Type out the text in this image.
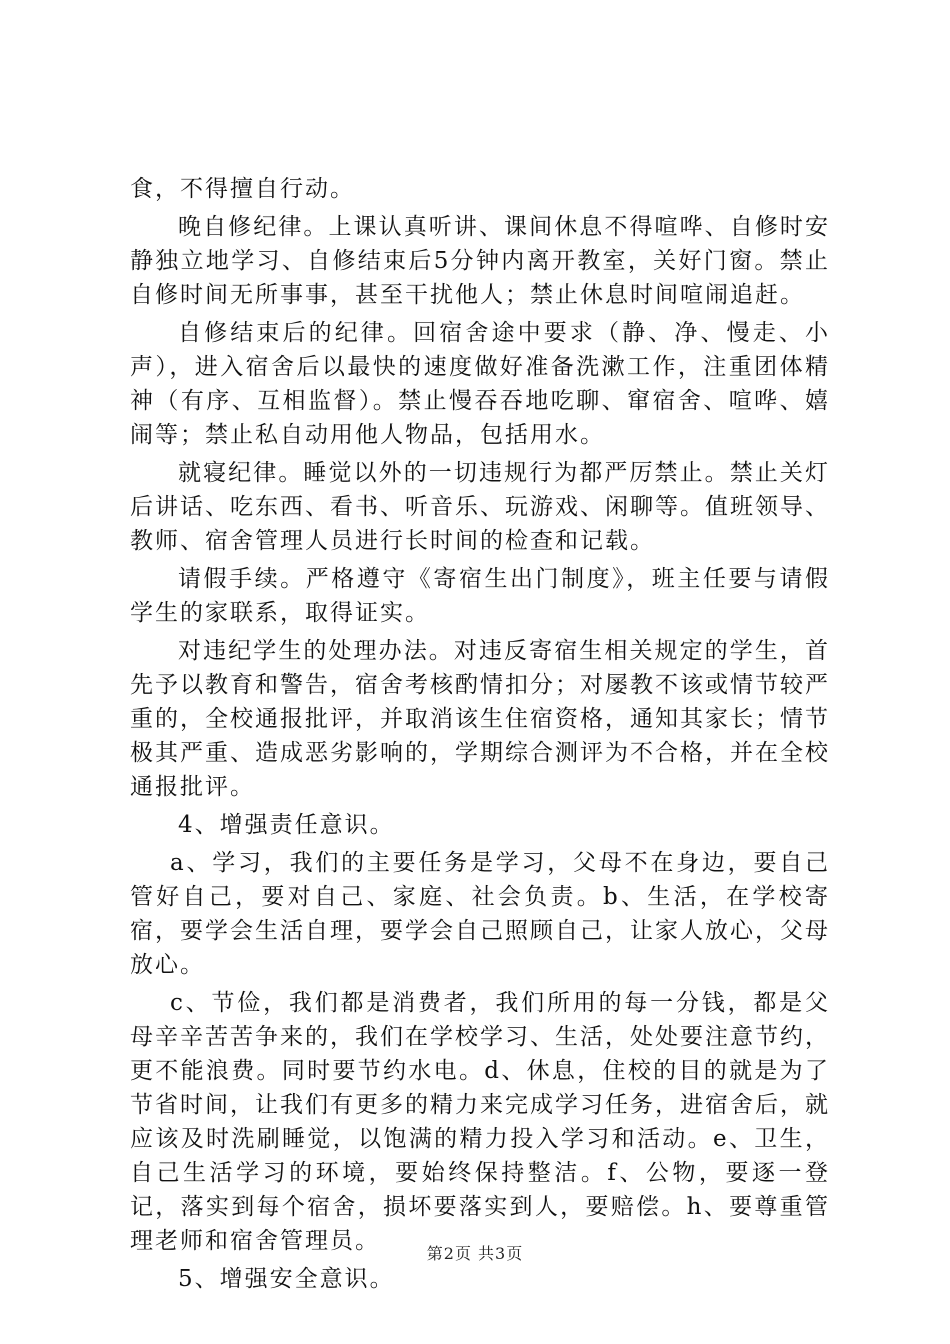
食，不得擅自行动。

晚自修纪律。上课认真听讲、课间休息不得喧哗、自修时安静独立地学习、自修结束后5分钟内离开教室，关好门窗。禁止自修时间无所事事，甚至干扰他人；禁止休息时间喧闹追赶。

自修结束后的纪律。回宿舍途中要求（静、净、慢走、小声），进入宿舍后以最快的速度做好准备洗漱工作，注重团体精神（有序、互相监督）。禁止慢吞吞地吃聊、窜宿舍、喧哗、嬉闹等；禁止私自动用他人物品，包括用水。

就寝纪律。睡觉以外的一切违规行为都严厉禁止。禁止关灯后讲话、吃东西、看书、听音乐、玩游戏、闲聊等。值班领导、教师、宿舍管理人员进行长时间的检查和记载。

请假手续。严格遵守《寄宿生出门制度》，班主任要与请假学生的家联系，取得证实。

对违纪学生的处理办法。对违反寄宿生相关规定的学生，首先予以教育和警告，宿舍考核酌情扣分；对屡教不该或情节较严重的，全校通报批评，并取消该生住宿资格，通知其家长；情节极其严重、造成恶劣影响的，学期综合测评为不合格，并在全校通报批评。

4、增强责任意识。

a、学习，我们的主要任务是学习，父母不在身边，要自己管好自己，要对自己、家庭、社会负责。b、生活，在学校寄宿，要学会生活自理，要学会自己照顾自己，让家人放心，父母放心。

c、节俭，我们都是消费者，我们所用的每一分钱，都是父母辛辛苦苦争来的，我们在学校学习、生活，处处要注意节约，更不能浪费。同时要节约水电。d、休息，住校的目的就是为了节省时间，让我们有更多的精力来完成学习任务，进宿舍后，就应该及时洗刷睡觉，以饱满的精力投入学习和活动。e、卫生，自己生活学习的环境，要始终保持整洁。f、公物，要逐一登记，落实到每个宿舍，损坏要落实到人，要赔偿。h、要尊重管理老师和宿舍管理员。

5、增强安全意识。

第2页 共3页
